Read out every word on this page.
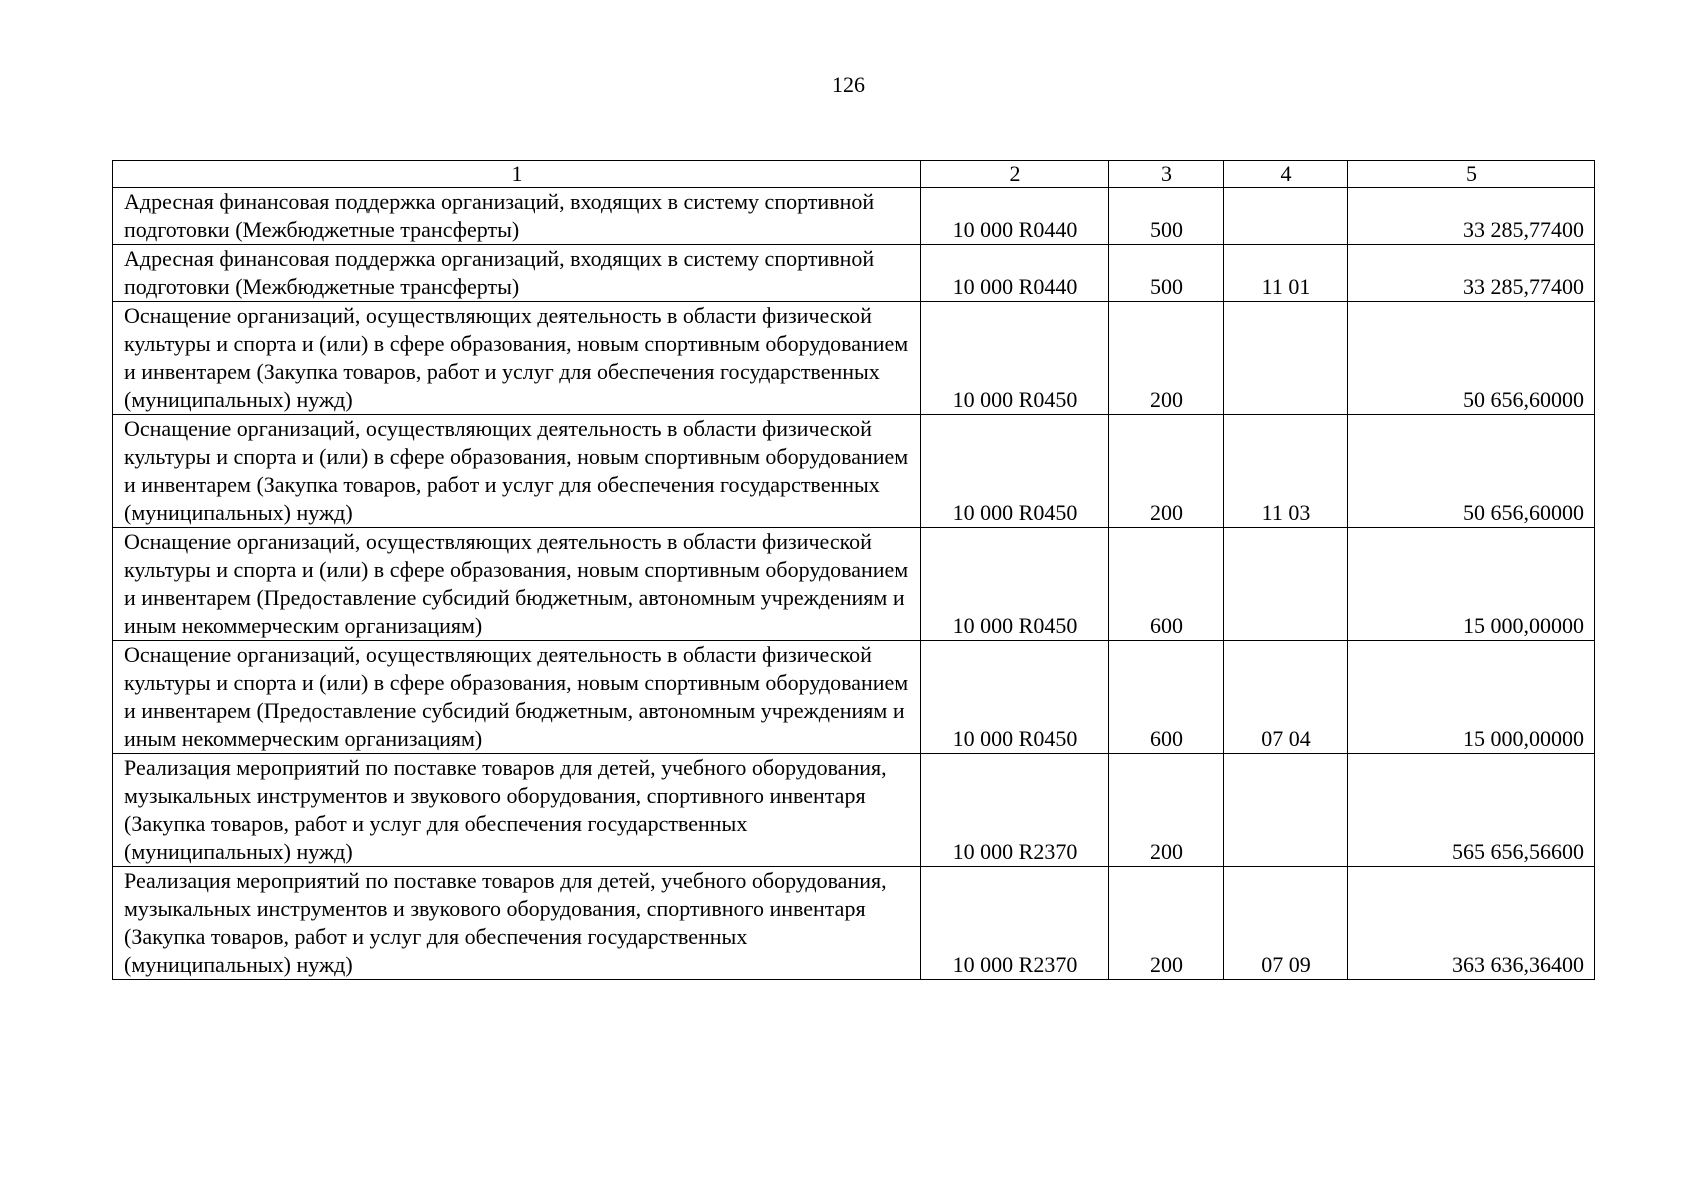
126
1	2	3	4	5
Адресная финансовая поддержка организаций, входящих в систему спортивной подготовки (Межбюджетные трансферты)	10 000 R0440	500		33 285,77400
Адресная финансовая поддержка организаций, входящих в систему спортивной подготовки (Межбюджетные трансферты)	10 000 R0440	500	11 01	33 285,77400
Оснащение организаций, осуществляющих деятельность в области физической культуры и спорта и (или) в сфере образования, новым спортивным оборудованием и инвентарем (Закупка товаров, работ и услуг для обеспечения государственных (муниципальных) нужд)	10 000 R0450	200		50 656,60000
Оснащение организаций, осуществляющих деятельность в области физической культуры и спорта и (или) в сфере образования, новым спортивным оборудованием и инвентарем (Закупка товаров, работ и услуг для обеспечения государственных (муниципальных) нужд)	10 000 R0450	200	11 03	50 656,60000
Оснащение организаций, осуществляющих деятельность в области физической культуры и спорта и (или) в сфере образования, новым спортивным оборудованием и инвентарем (Предоставление субсидий бюджетным, автономным учреждениям и иным некоммерческим организациям)	10 000 R0450	600		15 000,00000
Оснащение организаций, осуществляющих деятельность в области физической культуры и спорта и (или) в сфере образования, новым спортивным оборудованием и инвентарем (Предоставление субсидий бюджетным, автономным учреждениям и иным некоммерческим организациям)	10 000 R0450	600	07 04	15 000,00000
Реализация мероприятий по поставке товаров для детей, учебного оборудования, музыкальных инструментов и звукового оборудования, спортивного инвентаря (Закупка товаров, работ и услуг для обеспечения государственных (муниципальных) нужд)	10 000 R2370	200		565 656,56600
Реализация мероприятий по поставке товаров для детей, учебного оборудования, музыкальных инструментов и звукового оборудования, спортивного инвентаря (Закупка товаров, работ и услуг для обеспечения государственных (муниципальных) нужд)	10 000 R2370	200	07 09	363 636,36400
